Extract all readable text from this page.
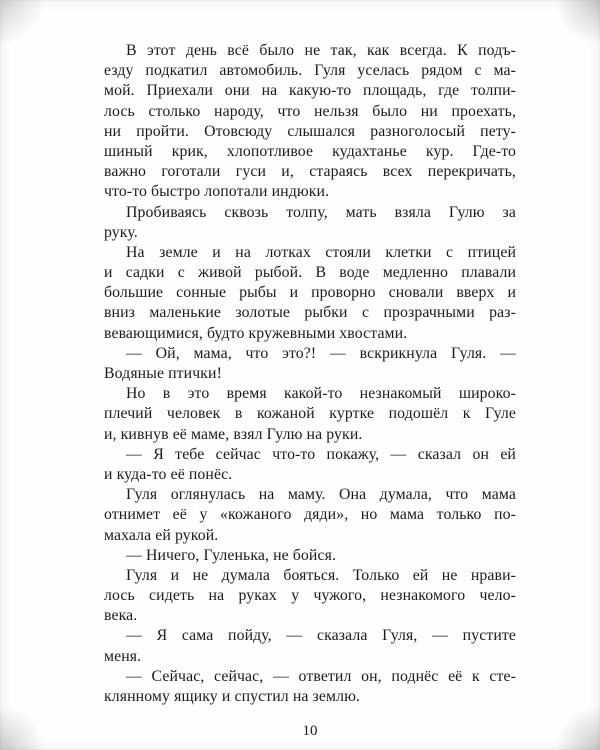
В этот день всё было не так, как всегда. К подъ-
езду подкатил автомобиль. Гуля уселась рядом с ма-
мой. Приехали они на какую-то площадь, где толпи-
лось столько народу, что нельзя было ни проехать,
ни пройти. Отовсюду слышался разноголосый пету-
шиный крик, хлопотливое кудахтанье кур. Где-то
важно гоготали гуси и, стараясь всех перекричать,
что-то быстро лопотали индюки.

Пробиваясь сквозь толпу, мать взяла Гулю за
руку.

На земле и на лотках стояли клетки с птицей
и садки с живой рыбой. В воде медленно плавали
большие сонные рыбы и проворно сновали вверх и
вниз маленькие золотые рыбки с прозрачными раз-
вевающимися, будто кружевными хвостами.

— Ой, мама, что это?! — вскрикнула Гуля. —
Водяные птички!

Но в это время какой-то незнакомый широко-
плечий человек в кожаной куртке подошёл к Гуле
и, кивнув её маме, взял Гулю на руки.

— Я тебе сейчас что-то покажу, — сказал он ей
и куда-то её понёс.

Гуля оглянулась на маму. Она думала, что мама
отнимет её у «кожаного дяди», но мама только по-
махала ей рукой.

— Ничего, Гуленька, не бойся.

Гуля и не думала бояться. Только ей не нрави-
лось сидеть на руках у чужого, незнакомого чело-
века.

— Я сама пойду, — сказала Гуля, — пустите
меня.

— Сейчас, сейчас, — ответил он, поднёс её к сте-
клянному ящику и спустил на землю.

10
